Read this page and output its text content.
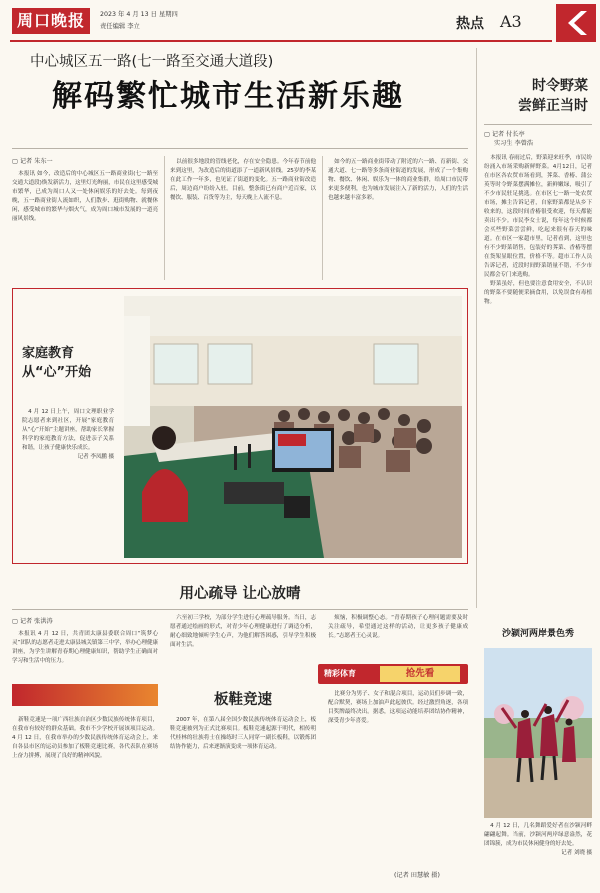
周口晚报	2023 年 4 月 13 日 星期四
责任编辑 李立	热点 A3
中心城区五一路(七一路至交通大道段)
解码繁忙城市生活新乐趣
▢ 记者 朱东一

本报讯 如今，改造后的中心城区五一路商业街(七一路至交通大道段)焕发新活力，这里灯光绚丽，市民在这里感受城市繁华，已成为周口人又一处休闲娱乐的好去处。每到夜晚，五一路商业街人流如织，人们散步、逛街购物、就餐休闲，感受城市的繁华与烟火气，成为周口城市发展的一道亮丽风景线。

以前很多地段的管线老化，存在安全隐患。今年春节前他来到这里，为改造后的街道添了一道新风景线。25岁的李某在此工作一年多，也见证了街道的变化。五一路商业街改造后，周边商户纷纷入驻。目前，整条街已有商户近百家，以餐饮、服装、百货等为主，每天晚上人流不息。

如今的五一路商业街带动了附近的六一路、育新街、交通大道、七一路等多条商业街道的发展，形成了一个集购物、餐饮、休闲、娱乐为一体的商业集群，给周口市民带来更多便利，也为城市发展注入了新的活力，人们的生活也越来越丰富多彩。

时令野菜
尝鲜正当时
▢ 记者 付长亭
实习生 李曾浩

本报讯 春雨过后，野菜迎来旺季，市民纷纷涌入市场采购新鲜野菜。4月12日，记者在市区各农贸市场看到，荠菜、香椿、蒲公英等时令野菜摆满摊位，新鲜嫩绿，吸引了不少市民驻足挑选。在市区七一路一处农贸市场，摊主告诉记者，自家野菜都是从乡下收来的，这段时间香椿很受欢迎，每天都能卖出不少。市民李女士说，每年这个时候都会买些野菜尝尝鲜，吃起来很有春天的味道。在市区一家超市里，记者看到，这里也有不少野菜销售，包装好的荠菜、香椿等摆在货架显眼位置，价格不等。超市工作人员告诉记者，近段时间野菜销量不错，不少市民都会专门来选购。

野菜虽好，但也要注意食用安全，不认识的野菜不要随便采摘食用，以免误食有毒植物。

家庭教育
从“心”开始

4 月 12 日上午，周口文理职业学院志愿者来到社区，开展“家庭教育从“心”开始”主题讲座，帮助家长掌握科学的家庭教育方法，促进亲子关系和谐，让孩子健康快乐成长。

记者 李凤鹏 摄
用心疏导 让心放晴
▢ 记者 张洪涛

本报讯 4 月 12 日，共青团太康县委联合周口“筑梦心灵”团队的志愿者走进太康县城关镇第三中学，举办心理健康讲座，为学生讲解青春期心理健康知识，帮助学生正确面对学习和生活中的压力。

六至初三学校，为部分学生进行心理疏导服务。当日，志愿者通过绘画的形式，对青少年心理健康进行了调适分析，耐心细致地倾听学生心声，为他们解答困惑，引导学生积极面对生活。

烦恼，积极调整心态。“青春期孩子心理问题需要及时关注疏导，希望通过这样的活动，让更多孩子健康成长。”志愿者王心灵说。

精彩体育	抢先看
板鞋竞速

新鞋竞速是一项广西壮族自治区少数民族传统体育项目，在我市有较好的群众基础。我市不少学校开展该项目运动。4 月 12 日，在我市举办的少数民族传统体育运动会上，来自各县市区的运动员参加了板鞋竞速比赛，各代表队在赛场上奋力拼搏，展现了良好的精神风貌。

2007 年，在第八届全国少数民族传统体育运动会上，板鞋竞速被列为正式比赛项目。板鞋竞速起源于明代，相传明代桂林的壮族将士在操练时三人同穿一副长板鞋，以锻炼团结协作能力，后来逐渐演变成一项体育运动。

比赛分为男子、女子和混合项目，运动员们步调一致，配合默契，赛场上加油声此起彼伏。经过激烈角逐，各项目奖牌最终决出。据悉，这项运动能培养团结协作精神，深受青少年喜爱。

(记者 田慧敏 摄)
沙颍河两岸景色秀

4 月 12 日，几名舞蹈爱好者在沙颍河畔翩翩起舞。当前，沙颍河两岸绿意盎然，花团锦簇，成为市民休闲健身的好去处。

记者 刘晓 摄
